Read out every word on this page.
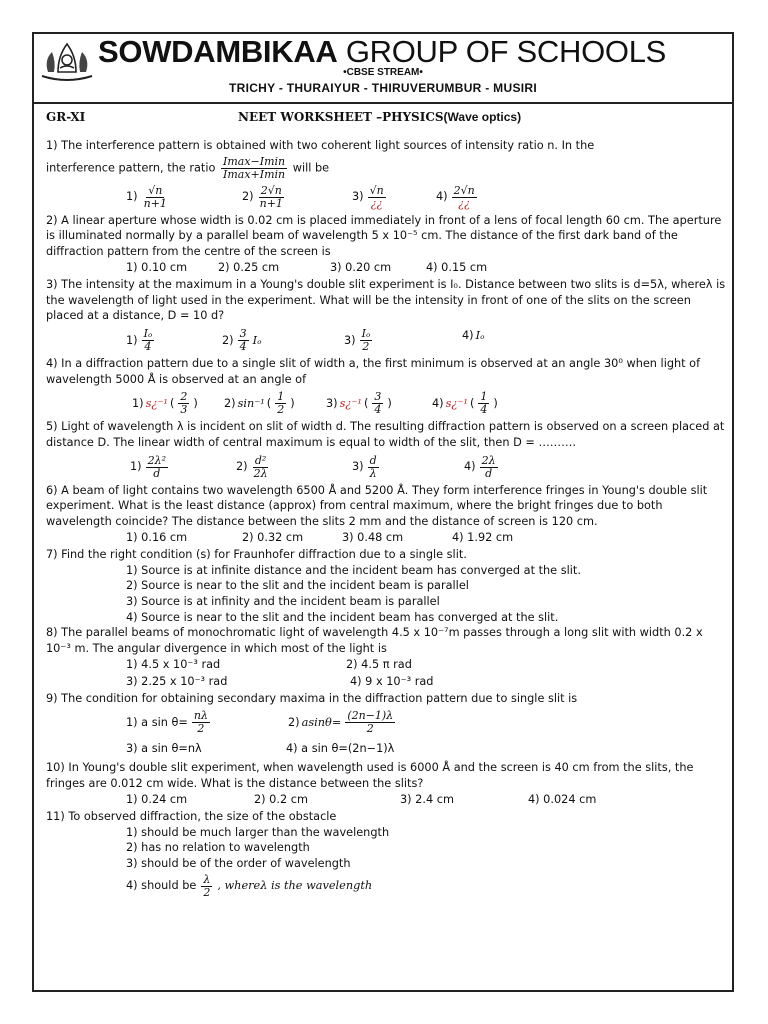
SOWDAMBIKAA GROUP OF SCHOOLS
•CBSE STREAM•
TRICHY - THURAIYUR - THIRUVERUMBUR - MUSIRI
GR-XI	NEET WORKSHEET –PHYSICS(Wave optics)

1) The interference pattern is obtained with two coherent light sources of intensity ratio n. In the

interference pattern, the ratio $\frac{Imax-Imin}{Imax+Imin}$ will be

$1) \frac{√n}{n+1}$	$2) \frac{2√n}{n+1}$	$3) \frac{√n}{¿¿}$	$4) \frac{2√n}{¿¿}$

2) A linear aperture whose width is 0.02 cm is placed immediately in front of a lens of focal length 60 cm. The aperture is illuminated normally by a parallel beam of wavelength 5 x 10⁻⁵ cm. The distance of the first dark band of the diffraction pattern from the centre of the screen is

1) 0.10 cm	2) 0.25 cm	3) 0.20 cm	4) 0.15 cm

3) The intensity at the maximum in a Young's double slit experiment is I₀. Distance between two slits is d=5λ, whereλ is the wavelength of light used in the experiment. What will be the intensity in front of one of the slits on the screen placed at a distance, D = 10 d?

$1) \frac{\text{Iₒ}}{4}$	$2) \frac{3}{4}$ Iₒ	$3) \frac{\text{Iₒ}}{2}$	4) Iₒ

4) In a diffraction pattern due to a single slit of width a, the first minimum is observed at an angle 30⁰ when light of wavelength 5000 Å is observed at an angle of

1) s¿⁻¹ ( $\frac{2}{3}$ ) 2) sin⁻¹ ( $\frac{1}{2}$ )	3) s¿⁻¹ ( $\frac{3}{4}$ )	4) s¿⁻¹ ( $\frac{1}{4}$ )

5) Light of wavelength λ is incident on slit of width d. The resulting diffraction pattern is observed on a screen placed at distance D. The linear width of central maximum is equal to width of the slit, then D = ……….

$1) \frac{\text{2λ²}}{d}$	$2) \frac{\text{d²}}{2\lambda}$	$3) \frac{d}{\lambda}$	$4) \frac{2\lambda}{d}$

6) A beam of light contains two wavelength 6500 Å and 5200 Å. They form interference fringes in Young's double slit experiment. What is the least distance (approx) from central maximum, where the bright fringes due to both wavelength coincide? The distance between the slits 2 mm and the distance of screen is 120 cm.

1) 0.16 cm	2) 0.32 cm	3) 0.48 cm	4) 1.92 cm

7) Find the right condition (s) for Fraunhofer diffraction due to a single slit.

1) Source is at infinite distance and the incident beam has converged at the slit.

2) Source is near to the slit and the incident beam is parallel

3) Source is at infinity and the incident beam is parallel

4) Source is near to the slit and the incident beam has converged at the slit.

8) The parallel beams of monochromatic light of wavelength 4.5 x 10⁻⁷m passes through a long slit with width 0.2 x 10⁻³ m. The angular divergence in which most of the light is

1) 4.5 x 10⁻³ rad	2) 4.5 π rad
3) 2.25 x 10⁻³ rad	4) 9 x 10⁻³ rad

9) The condition for obtaining secondary maxima in the diffraction pattern due to single slit is

1) a $\sin \theta= \frac{n\lambda}{2}$	2) $asin\theta= \frac{(2n-1)\lambda}{2}$
3) a sin θ=nλ	4) a sin θ=(2n−1)λ

10) In Young's double slit experiment, when wavelength used is 6000 Å and the screen is 40 cm from the slits, the fringes are 0.012 cm wide. What is the distance between the slits?

1) 0.24 cm	2) 0.2 cm	3) 2.4 cm	4) 0.024 cm

11) To observed diffraction, the size of the obstacle

1) should be much larger than the wavelength

2) has no relation to wavelength

3) should be of the order of wavelength

4) should be $\frac{\lambda}{2}$ , whereλ is the wavelength
